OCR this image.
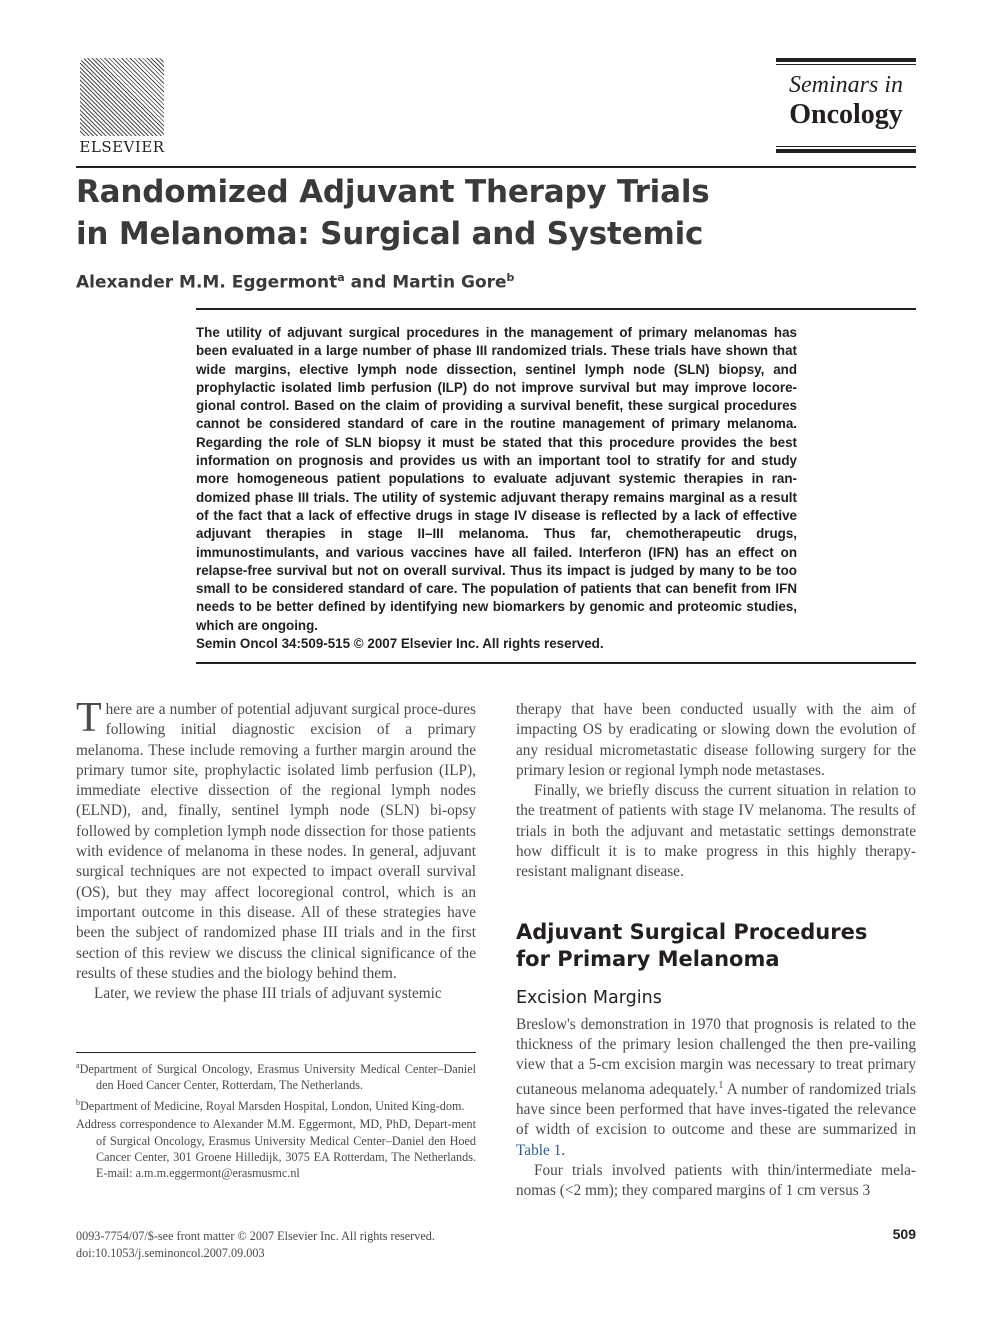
ELSEVIER
Seminars in
Oncology
Randomized Adjuvant Therapy Trials
in Melanoma: Surgical and Systemic
Alexander M.M. Eggermont$^a$ and Martin Gore$^b$
The utility of adjuvant surgical procedures in the management of primary melanomas has been evaluated in a large number of phase III randomized trials. These trials have shown that wide margins, elective lymph node dissection, sentinel lymph node (SLN) biopsy, and prophylactic isolated limb perfusion (ILP) do not improve survival but may improve locore-gional control. Based on the claim of providing a survival benefit, these surgical procedures cannot be considered standard of care in the routine management of primary melanoma. Regarding the role of SLN biopsy it must be stated that this procedure provides the best information on prognosis and provides us with an important tool to stratify for and study more homogeneous patient populations to evaluate adjuvant systemic therapies in ran-domized phase III trials. The utility of systemic adjuvant therapy remains marginal as a result of the fact that a lack of effective drugs in stage IV disease is reflected by a lack of effective adjuvant therapies in stage II–III melanoma. Thus far, chemotherapeutic drugs, immunostimulants, and various vaccines have all failed. Interferon (IFN) has an effect on relapse-free survival but not on overall survival. Thus its impact is judged by many to be too small to be considered standard of care. The population of patients that can benefit from IFN needs to be better defined by identifying new biomarkers by genomic and proteomic studies, which are ongoing.
Semin Oncol 34:509-515 © 2007 Elsevier Inc. All rights reserved.

There are a number of potential adjuvant surgical proce-dures following initial diagnostic excision of a primary melanoma. These include removing a further margin around the primary tumor site, prophylactic isolated limb perfusion (ILP), immediate elective dissection of the regional lymph nodes (ELND), and, finally, sentinel lymph node (SLN) bi-opsy followed by completion lymph node dissection for those patients with evidence of melanoma in these nodes. In general, adjuvant surgical techniques are not expected to impact overall survival (OS), but they may affect locoregional control, which is an important outcome in this disease. All of these strategies have been the subject of randomized phase III trials and in the first section of this review we discuss the clinical significance of the results of these studies and the biology behind them.

Later, we review the phase III trials of adjuvant systemic

therapy that have been conducted usually with the aim of impacting OS by eradicating or slowing down the evolution of any residual micrometastatic disease following surgery for the primary lesion or regional lymph node metastases.

Finally, we briefly discuss the current situation in relation to the treatment of patients with stage IV melanoma. The results of trials in both the adjuvant and metastatic settings demonstrate how difficult it is to make progress in this highly therapy-resistant malignant disease.

Adjuvant Surgical Procedures
for Primary Melanoma
Excision Margins

Breslow's demonstration in 1970 that prognosis is related to the thickness of the primary lesion challenged the then pre-vailing view that a 5-cm excision margin was necessary to treat primary cutaneous melanoma adequately.$^1$ A number of randomized trials have since been performed that have inves-tigated the relevance of width of excision to outcome and these are summarized in Table 1.

Four trials involved patients with thin/intermediate mela-nomas (<2 mm); they compared margins of 1 cm versus 3

$^a$Department of Surgical Oncology, Erasmus University Medical Center–Daniel den Hoed Cancer Center, Rotterdam, The Netherlands.

$^b$Department of Medicine, Royal Marsden Hospital, London, United King-dom.

Address correspondence to Alexander M.M. Eggermont, MD, PhD, Depart-ment of Surgical Oncology, Erasmus University Medical Center–Daniel den Hoed Cancer Center, 301 Groene Hilledijk, 3075 EA Rotterdam, The Netherlands. E-mail: a.m.m.eggermont@erasmusmc.nl

0093-7754/07/$-see front matter © 2007 Elsevier Inc. All rights reserved.
doi:10.1053/j.seminoncol.2007.09.003
509
